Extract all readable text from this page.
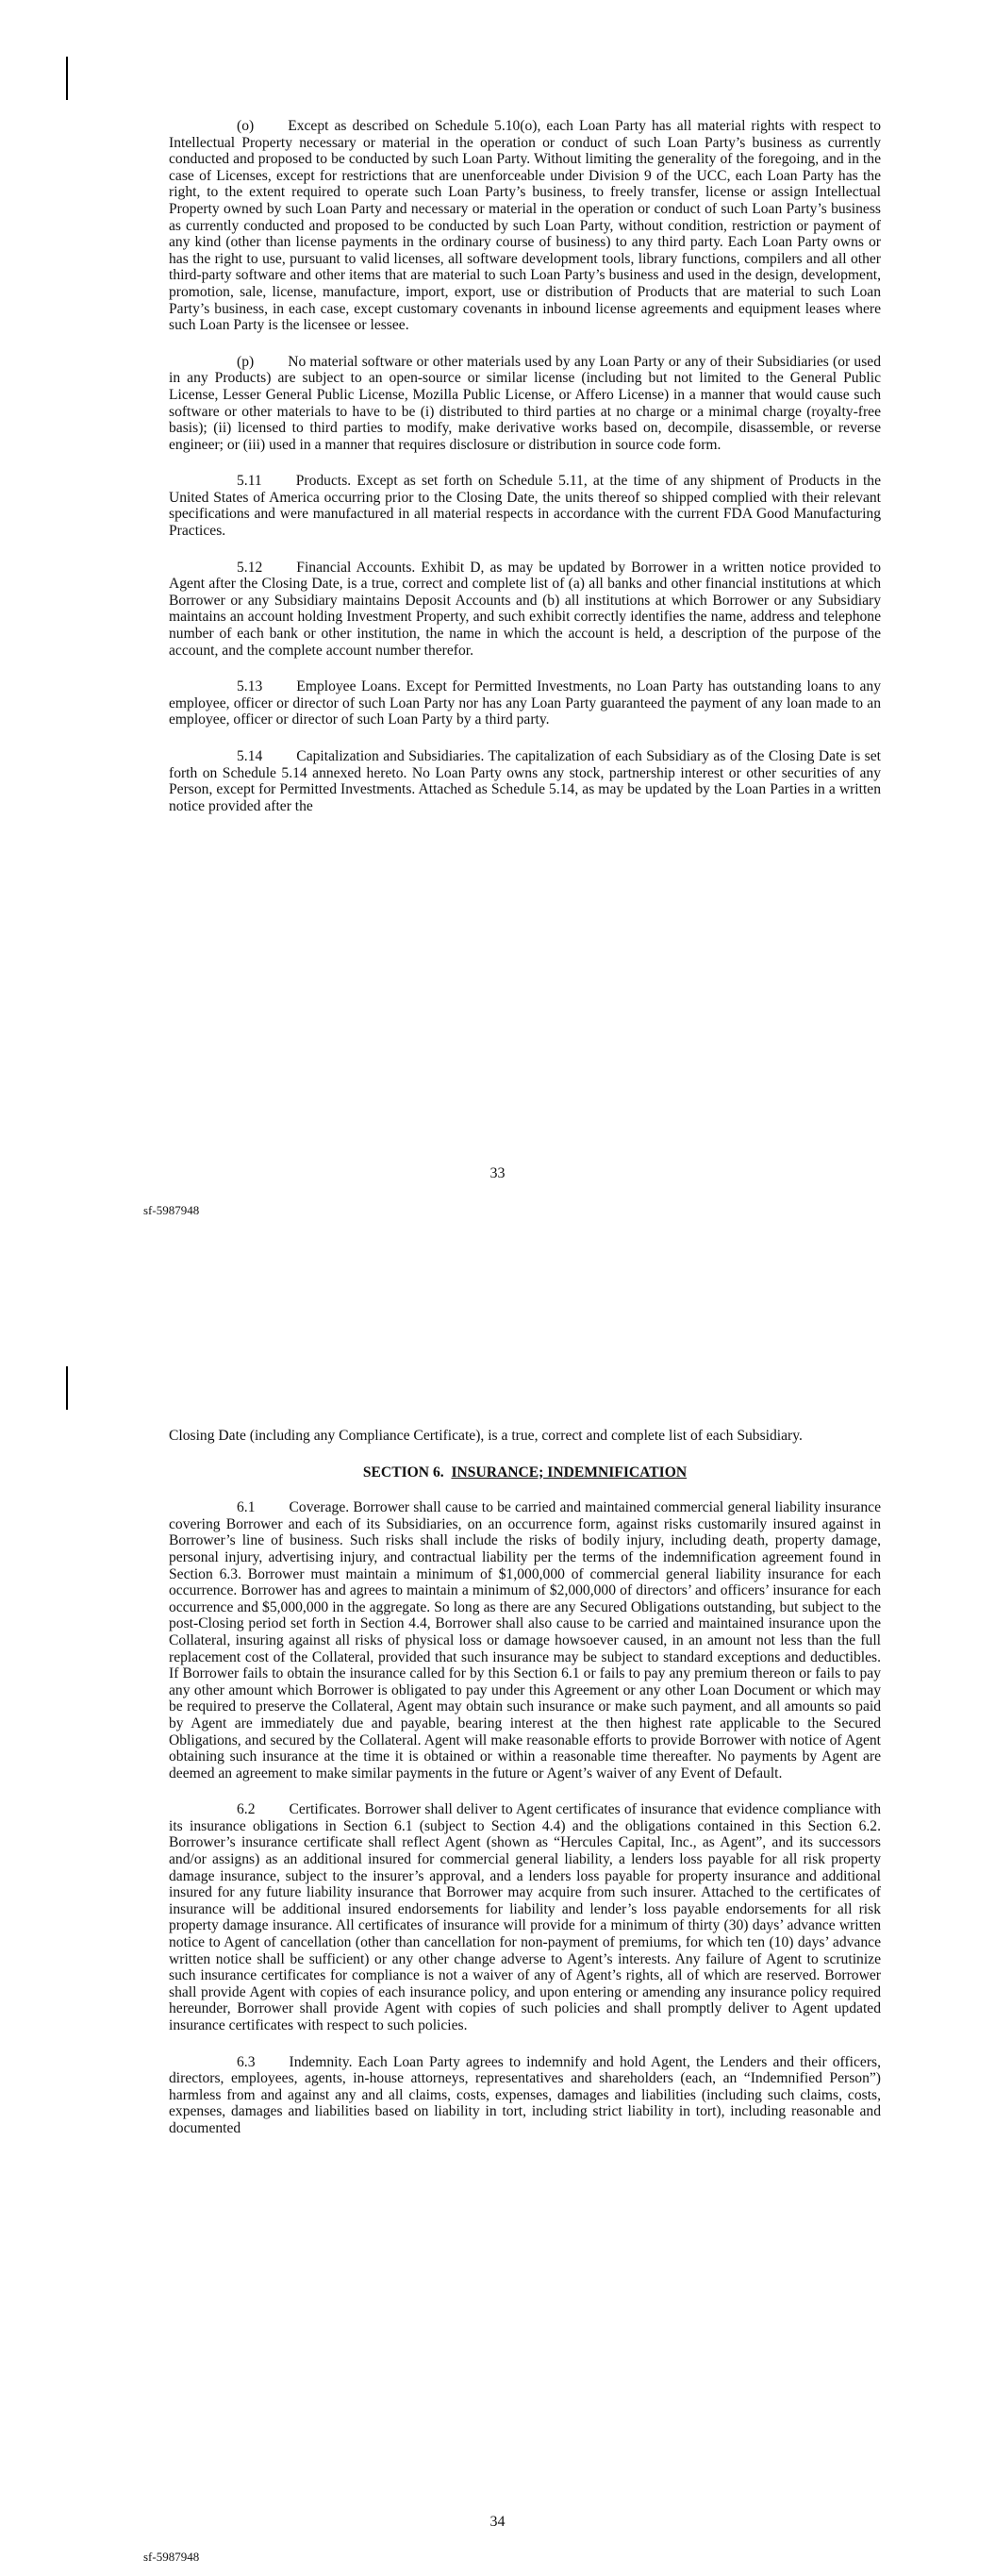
(o) Except as described on Schedule 5.10(o), each Loan Party has all material rights with respect to Intellectual Property necessary or material in the operation or conduct of such Loan Party’s business as currently conducted and proposed to be conducted by such Loan Party. Without limiting the generality of the foregoing, and in the case of Licenses, except for restrictions that are unenforceable under Division 9 of the UCC, each Loan Party has the right, to the extent required to operate such Loan Party’s business, to freely transfer, license or assign Intellectual Property owned by such Loan Party and necessary or material in the operation or conduct of such Loan Party’s business as currently conducted and proposed to be conducted by such Loan Party, without condition, restriction or payment of any kind (other than license payments in the ordinary course of business) to any third party. Each Loan Party owns or has the right to use, pursuant to valid licenses, all software development tools, library functions, compilers and all other third-party software and other items that are material to such Loan Party’s business and used in the design, development, promotion, sale, license, manufacture, import, export, use or distribution of Products that are material to such Loan Party’s business, in each case, except customary covenants in inbound license agreements and equipment leases where such Loan Party is the licensee or lessee.

(p) No material software or other materials used by any Loan Party or any of their Subsidiaries (or used in any Products) are subject to an open-source or similar license (including but not limited to the General Public License, Lesser General Public License, Mozilla Public License, or Affero License) in a manner that would cause such software or other materials to have to be (i) distributed to third parties at no charge or a minimal charge (royalty-free basis); (ii) licensed to third parties to modify, make derivative works based on, decompile, disassemble, or reverse engineer; or (iii) used in a manner that requires disclosure or distribution in source code form.

5.11 Products. Except as set forth on Schedule 5.11, at the time of any shipment of Products in the United States of America occurring prior to the Closing Date, the units thereof so shipped complied with their relevant specifications and were manufactured in all material respects in accordance with the current FDA Good Manufacturing Practices.

5.12 Financial Accounts. Exhibit D, as may be updated by Borrower in a written notice provided to Agent after the Closing Date, is a true, correct and complete list of (a) all banks and other financial institutions at which Borrower or any Subsidiary maintains Deposit Accounts and (b) all institutions at which Borrower or any Subsidiary maintains an account holding Investment Property, and such exhibit correctly identifies the name, address and telephone number of each bank or other institution, the name in which the account is held, a description of the purpose of the account, and the complete account number therefor.

5.13 Employee Loans. Except for Permitted Investments, no Loan Party has outstanding loans to any employee, officer or director of such Loan Party nor has any Loan Party guaranteed the payment of any loan made to an employee, officer or director of such Loan Party by a third party.

5.14 Capitalization and Subsidiaries. The capitalization of each Subsidiary as of the Closing Date is set forth on Schedule 5.14 annexed hereto. No Loan Party owns any stock, partnership interest or other securities of any Person, except for Permitted Investments. Attached as Schedule 5.14, as may be updated by the Loan Parties in a written notice provided after the

33
sf-5987948

Closing Date (including any Compliance Certificate), is a true, correct and complete list of each Subsidiary.

SECTION 6. INSURANCE; INDEMNIFICATION

6.1 Coverage. Borrower shall cause to be carried and maintained commercial general liability insurance covering Borrower and each of its Subsidiaries, on an occurrence form, against risks customarily insured against in Borrower’s line of business. Such risks shall include the risks of bodily injury, including death, property damage, personal injury, advertising injury, and contractual liability per the terms of the indemnification agreement found in Section 6.3. Borrower must maintain a minimum of $1,000,000 of commercial general liability insurance for each occurrence. Borrower has and agrees to maintain a minimum of $2,000,000 of directors’ and officers’ insurance for each occurrence and $5,000,000 in the aggregate. So long as there are any Secured Obligations outstanding, but subject to the post-Closing period set forth in Section 4.4, Borrower shall also cause to be carried and maintained insurance upon the Collateral, insuring against all risks of physical loss or damage howsoever caused, in an amount not less than the full replacement cost of the Collateral, provided that such insurance may be subject to standard exceptions and deductibles. If Borrower fails to obtain the insurance called for by this Section 6.1 or fails to pay any premium thereon or fails to pay any other amount which Borrower is obligated to pay under this Agreement or any other Loan Document or which may be required to preserve the Collateral, Agent may obtain such insurance or make such payment, and all amounts so paid by Agent are immediately due and payable, bearing interest at the then highest rate applicable to the Secured Obligations, and secured by the Collateral. Agent will make reasonable efforts to provide Borrower with notice of Agent obtaining such insurance at the time it is obtained or within a reasonable time thereafter. No payments by Agent are deemed an agreement to make similar payments in the future or Agent’s waiver of any Event of Default.

6.2 Certificates. Borrower shall deliver to Agent certificates of insurance that evidence compliance with its insurance obligations in Section 6.1 (subject to Section 4.4) and the obligations contained in this Section 6.2. Borrower’s insurance certificate shall reflect Agent (shown as “Hercules Capital, Inc., as Agent”, and its successors and/or assigns) as an additional insured for commercial general liability, a lenders loss payable for all risk property damage insurance, subject to the insurer’s approval, and a lenders loss payable for property insurance and additional insured for any future liability insurance that Borrower may acquire from such insurer. Attached to the certificates of insurance will be additional insured endorsements for liability and lender’s loss payable endorsements for all risk property damage insurance. All certificates of insurance will provide for a minimum of thirty (30) days’ advance written notice to Agent of cancellation (other than cancellation for non-payment of premiums, for which ten (10) days’ advance written notice shall be sufficient) or any other change adverse to Agent’s interests. Any failure of Agent to scrutinize such insurance certificates for compliance is not a waiver of any of Agent’s rights, all of which are reserved. Borrower shall provide Agent with copies of each insurance policy, and upon entering or amending any insurance policy required hereunder, Borrower shall provide Agent with copies of such policies and shall promptly deliver to Agent updated insurance certificates with respect to such policies.

6.3 Indemnity. Each Loan Party agrees to indemnify and hold Agent, the Lenders and their officers, directors, employees, agents, in-house attorneys, representatives and shareholders (each, an “Indemnified Person”) harmless from and against any and all claims, costs, expenses, damages and liabilities (including such claims, costs, expenses, damages and liabilities based on liability in tort, including strict liability in tort), including reasonable and documented

34
sf-5987948
